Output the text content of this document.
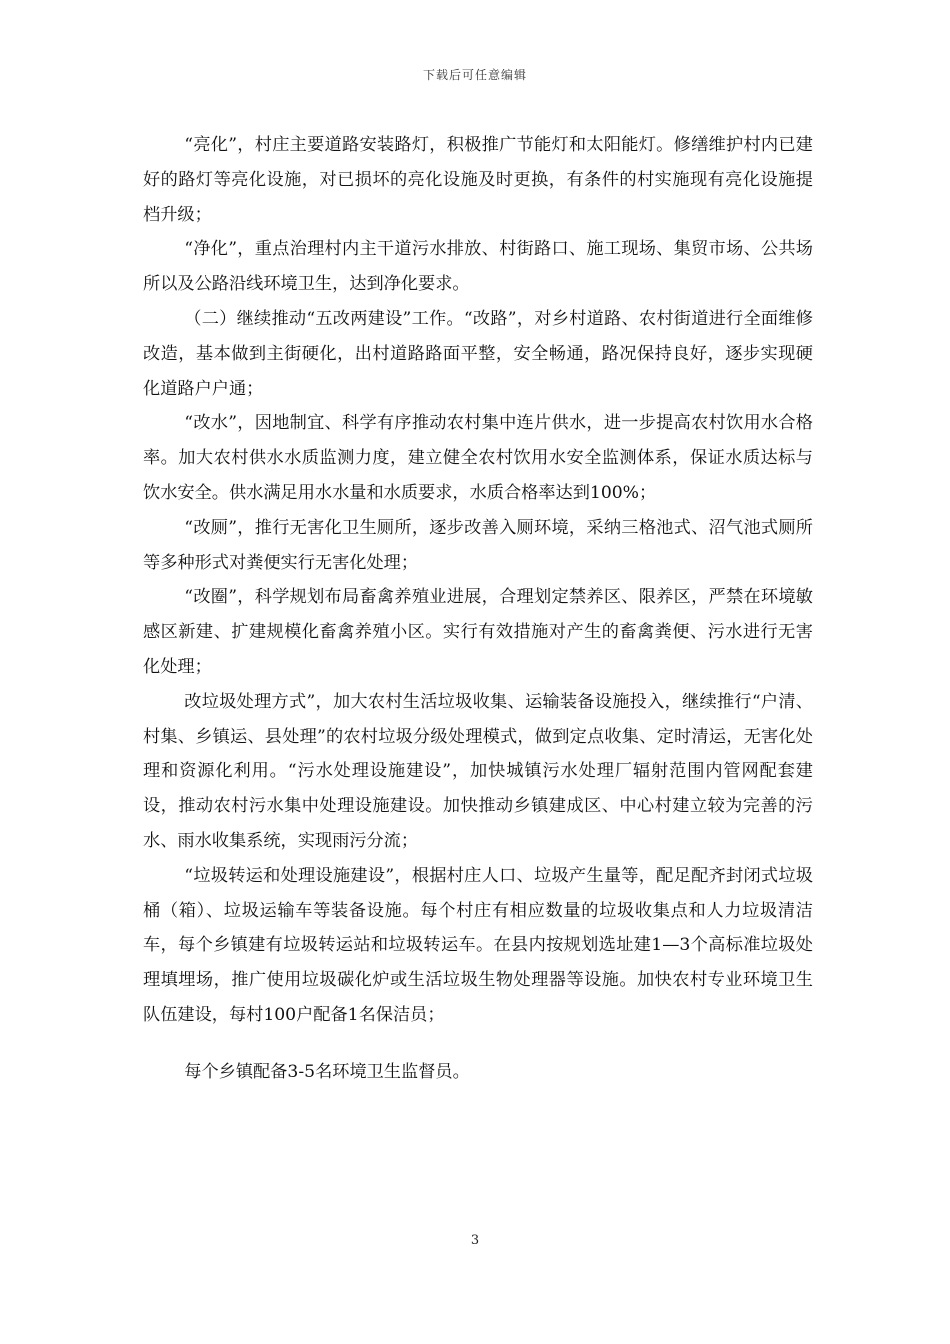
下载后可任意编辑

“亮化”，村庄主要道路安装路灯，积极推广节能灯和太阳能灯。修缮维护村内已建好的路灯等亮化设施，对已损坏的亮化设施及时更换，有条件的村实施现有亮化设施提档升级；

“净化”，重点治理村内主干道污水排放、村街路口、施工现场、集贸市场、公共场所以及公路沿线环境卫生，达到净化要求。

（二）继续推动“五改两建设”工作。“改路”，对乡村道路、农村街道进行全面维修改造，基本做到主街硬化，出村道路路面平整，安全畅通，路况保持良好，逐步实现硬化道路户户通；

“改水”，因地制宜、科学有序推动农村集中连片供水，进一步提高农村饮用水合格率。加大农村供水水质监测力度，建立健全农村饮用水安全监测体系，保证水质达标与饮水安全。供水满足用水水量和水质要求，水质合格率达到100%；

“改厕”，推行无害化卫生厕所，逐步改善入厕环境，采纳三格池式、沼气池式厕所等多种形式对粪便实行无害化处理；

“改圈”，科学规划布局畜禽养殖业进展，合理划定禁养区、限养区，严禁在环境敏感区新建、扩建规模化畜禽养殖小区。实行有效措施对产生的畜禽粪便、污水进行无害化处理；

改垃圾处理方式”，加大农村生活垃圾收集、运输装备设施投入，继续推行“户清、村集、乡镇运、县处理”的农村垃圾分级处理模式，做到定点收集、定时清运，无害化处理和资源化利用。“污水处理设施建设”，加快城镇污水处理厂辐射范围内管网配套建设，推动农村污水集中处理设施建设。加快推动乡镇建成区、中心村建立较为完善的污水、雨水收集系统，实现雨污分流；

“垃圾转运和处理设施建设”，根据村庄人口、垃圾产生量等，配足配齐封闭式垃圾桶（箱）、垃圾运输车等装备设施。每个村庄有相应数量的垃圾收集点和人力垃圾清洁车，每个乡镇建有垃圾转运站和垃圾转运车。在县内按规划选址建1—3个高标准垃圾处理填埋场，推广使用垃圾碳化炉或生活垃圾生物处理器等设施。加快农村专业环境卫生队伍建设，每村100户配备1名保洁员；

每个乡镇配备3-5名环境卫生监督员。

3
